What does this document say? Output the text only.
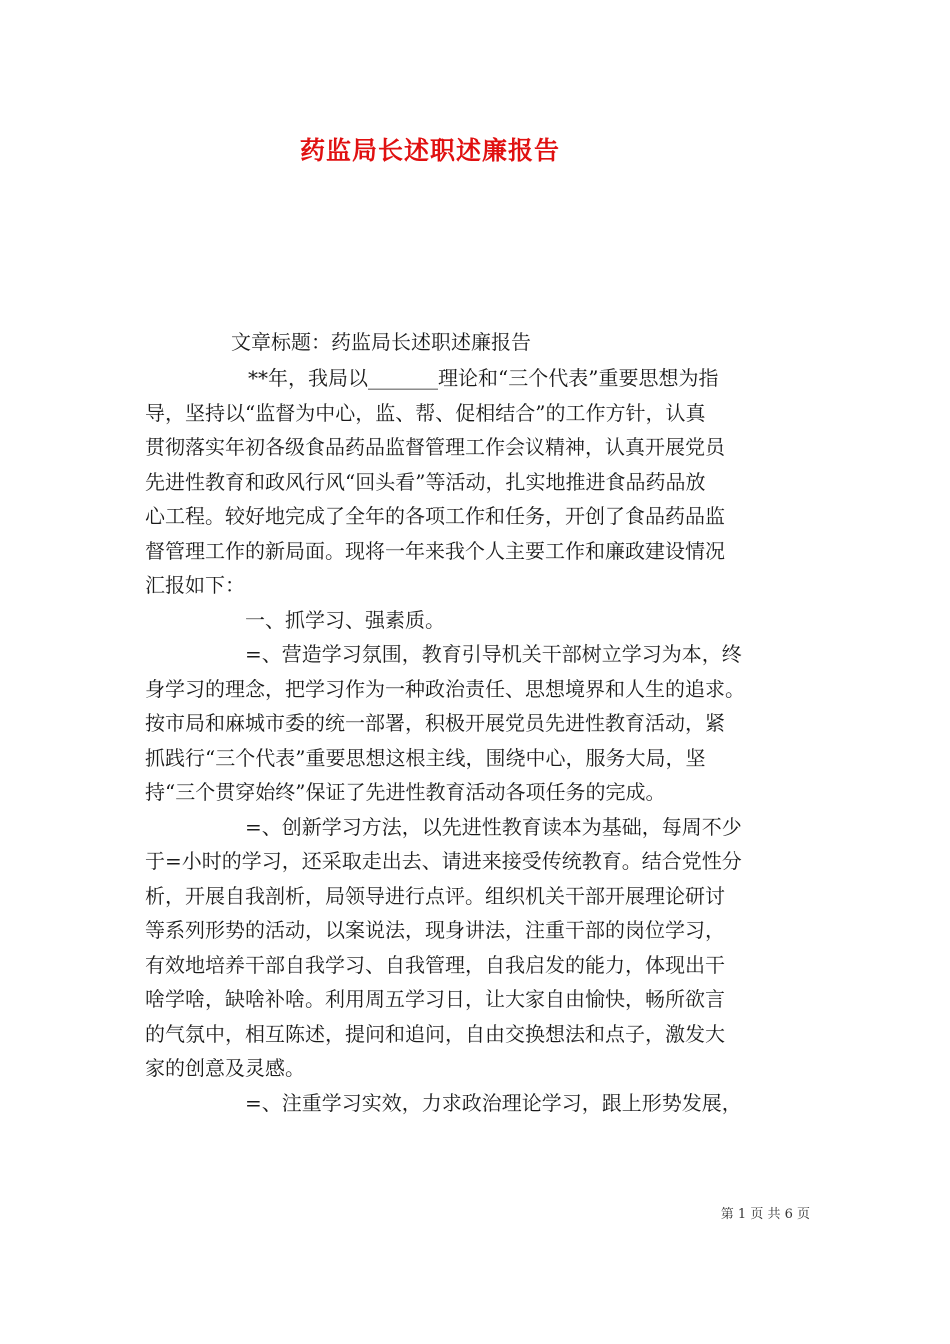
药监局长述职述廉报告
文章标题：药监局长述职述廉报告

**年，我局以_______理论和“三个代表”重要思想为指
导，坚持以“监督为中心，监、帮、促相结合”的工作方针，认真
贯彻落实年初各级食品药品监督管理工作会议精神，认真开展党员
先进性教育和政风行风“回头看”等活动，扎实地推进食品药品放
心工程。较好地完成了全年的各项工作和任务，开创了食品药品监
督管理工作的新局面。现将一年来我个人主要工作和廉政建设情况
汇报如下：

一、抓学习、强素质。

=、营造学习氛围，教育引导机关干部树立学习为本，终
身学习的理念，把学习作为一种政治责任、思想境界和人生的追求。
按市局和麻城市委的统一部署，积极开展党员先进性教育活动，紧
抓践行“三个代表”重要思想这根主线，围绕中心，服务大局，坚
持“三个贯穿始终”保证了先进性教育活动各项任务的完成。

=、创新学习方法，以先进性教育读本为基础，每周不少
于=小时的学习，还采取走出去、请进来接受传统教育。结合党性分
析，开展自我剖析，局领导进行点评。组织机关干部开展理论研讨
等系列形势的活动，以案说法，现身讲法，注重干部的岗位学习，
有效地培养干部自我学习、自我管理，自我启发的能力，体现出干
啥学啥，缺啥补啥。利用周五学习日，让大家自由愉快，畅所欲言
的气氛中，相互陈述，提问和追问，自由交换想法和点子，激发大
家的创意及灵感。

=、注重学习实效，力求政治理论学习，跟上形势发展，

第 1 页 共 6 页
